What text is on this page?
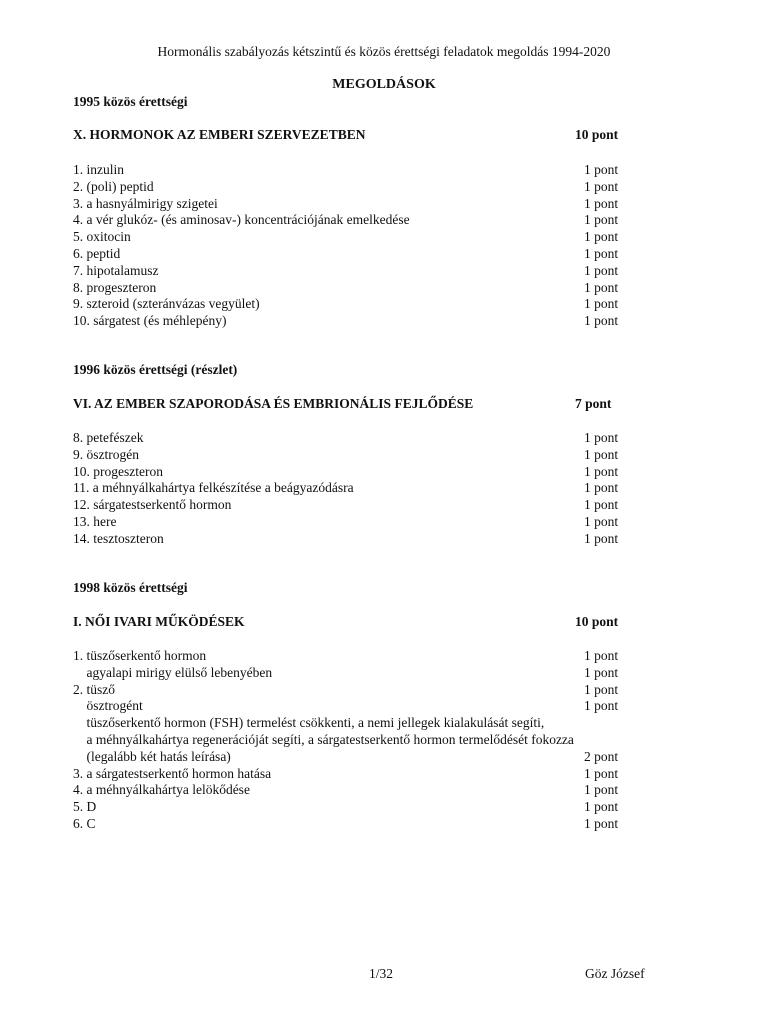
Hormonális szabályozás kétszintű és közös érettségi feladatok megoldás 1994-2020
MEGOLDÁSOK
1995 közös érettségi
X. HORMONOK AZ EMBERI SZERVEZETBEN	10 pont
1. inzulin	1 pont
2. (poli) peptid	1 pont
3. a hasnyálmirigy szigetei	1 pont
4. a vér glukóz- (és aminosav-) koncentrációjának emelkedése	1 pont
5. oxitocin	1 pont
6. peptid	1 pont
7. hipotalamusz	1 pont
8. progeszteron	1 pont
9. szteroid (szteránvázas vegyület)	1 pont
10. sárgatest (és méhlepény)	1 pont
1996 közös érettségi (részlet)
VI. AZ EMBER SZAPORODÁSA ÉS EMBRIONÁLIS FEJLŐDÉSE	7 pont
8. petefészek	1 pont
9. ösztrogén	1 pont
10. progeszteron	1 pont
11. a méhnyálkahártya felkészítése a beágyazódásra	1 pont
12. sárgatestserkentő hormon	1 pont
13. here	1 pont
14. tesztoszteron	1 pont
1998 közös érettségi
I. NŐI IVARI MŰKÖDÉSEK	10 pont
1. tüszőserkentő hormon	1 pont
agyalapi mirigy elülső lebenyében	1 pont
2. tüsző	1 pont
ösztrogént	1 pont
tüszőserkentő hormon (FSH) termelést csökkenti, a nemi jellegek kialakulását segíti,
a méhnyálkahártya regenerációját segíti, a sárgatestserkentő hormon termelődését fokozza
(legalább két hatás leírása)	2 pont
3. a sárgatestserkentő hormon hatása	1 pont
4. a méhnyálkahártya lelökődése	1 pont
5. D	1 pont
6. C	1 pont
1/32	Göz József
